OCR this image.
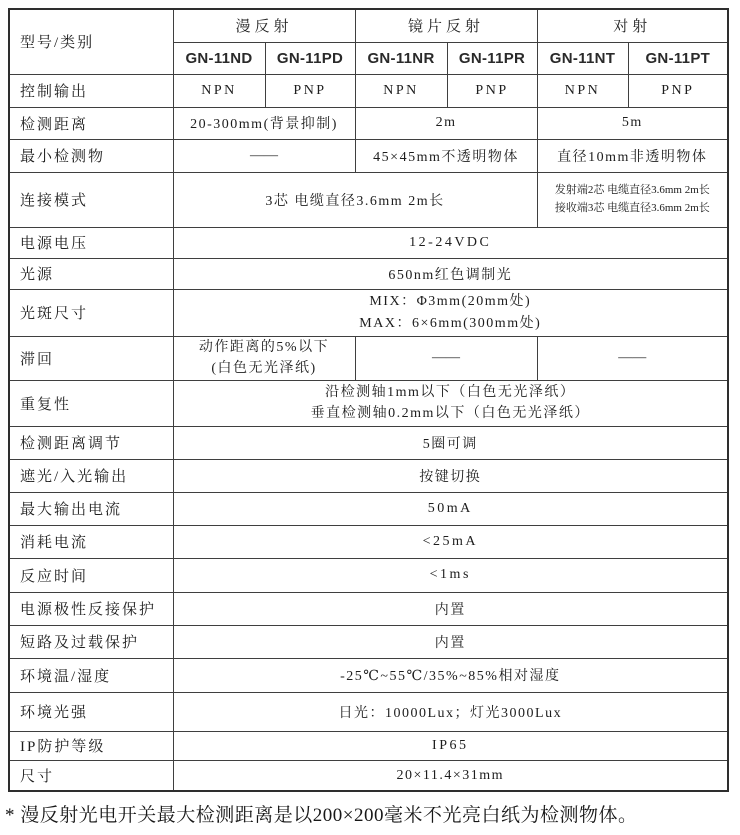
型号/类别	漫反射		镜片反射		对射	
	GN-11ND	GN-11PD	GN-11NR	GN-11PR	GN-11NT	GN-11PT
控制输出	NPN	PNP	NPN	PNP	NPN	PNP
检测距离	20-300mm(背景抑制)		2m		5m	
最小检测物	——		45×45mm不透明物体		直径10mm非透明物体	
连接模式	3芯 电缆直径3.6mm 2m长				发射端2芯 电缆直径3.6mm 2m长
接收端3芯 电缆直径3.6mm 2m长	

电源电压	12-24VDC					
光源	650nm红色调制光					
光斑尺寸	MIX：Φ3mm(20mm处)
MAX：6×6mm(300mm处)					

滞回	动作距离的5%以下
(白色无光泽纸)		——		——	
重复性	沿检测轴1mm以下（白色无光泽纸）
垂直检测轴0.2mm以下（白色无光泽纸）					

检测距离调节	5圈可调					
遮光/入光输出	按键切换					
最大输出电流	50mA					
消耗电流	<25mA					
反应时间	<1ms					
电源极性反接保护	内置					
短路及过载保护	内置					
环境温/湿度	-25℃~55℃/35%~85%相对湿度					
环境光强	日光：10000Lux；灯光3000Lux					
IP防护等级	IP65					
尺寸	20×11.4×31mm					
* 漫反射光电开关最大检测距离是以200×200毫米不光亮白纸为检测物体。
